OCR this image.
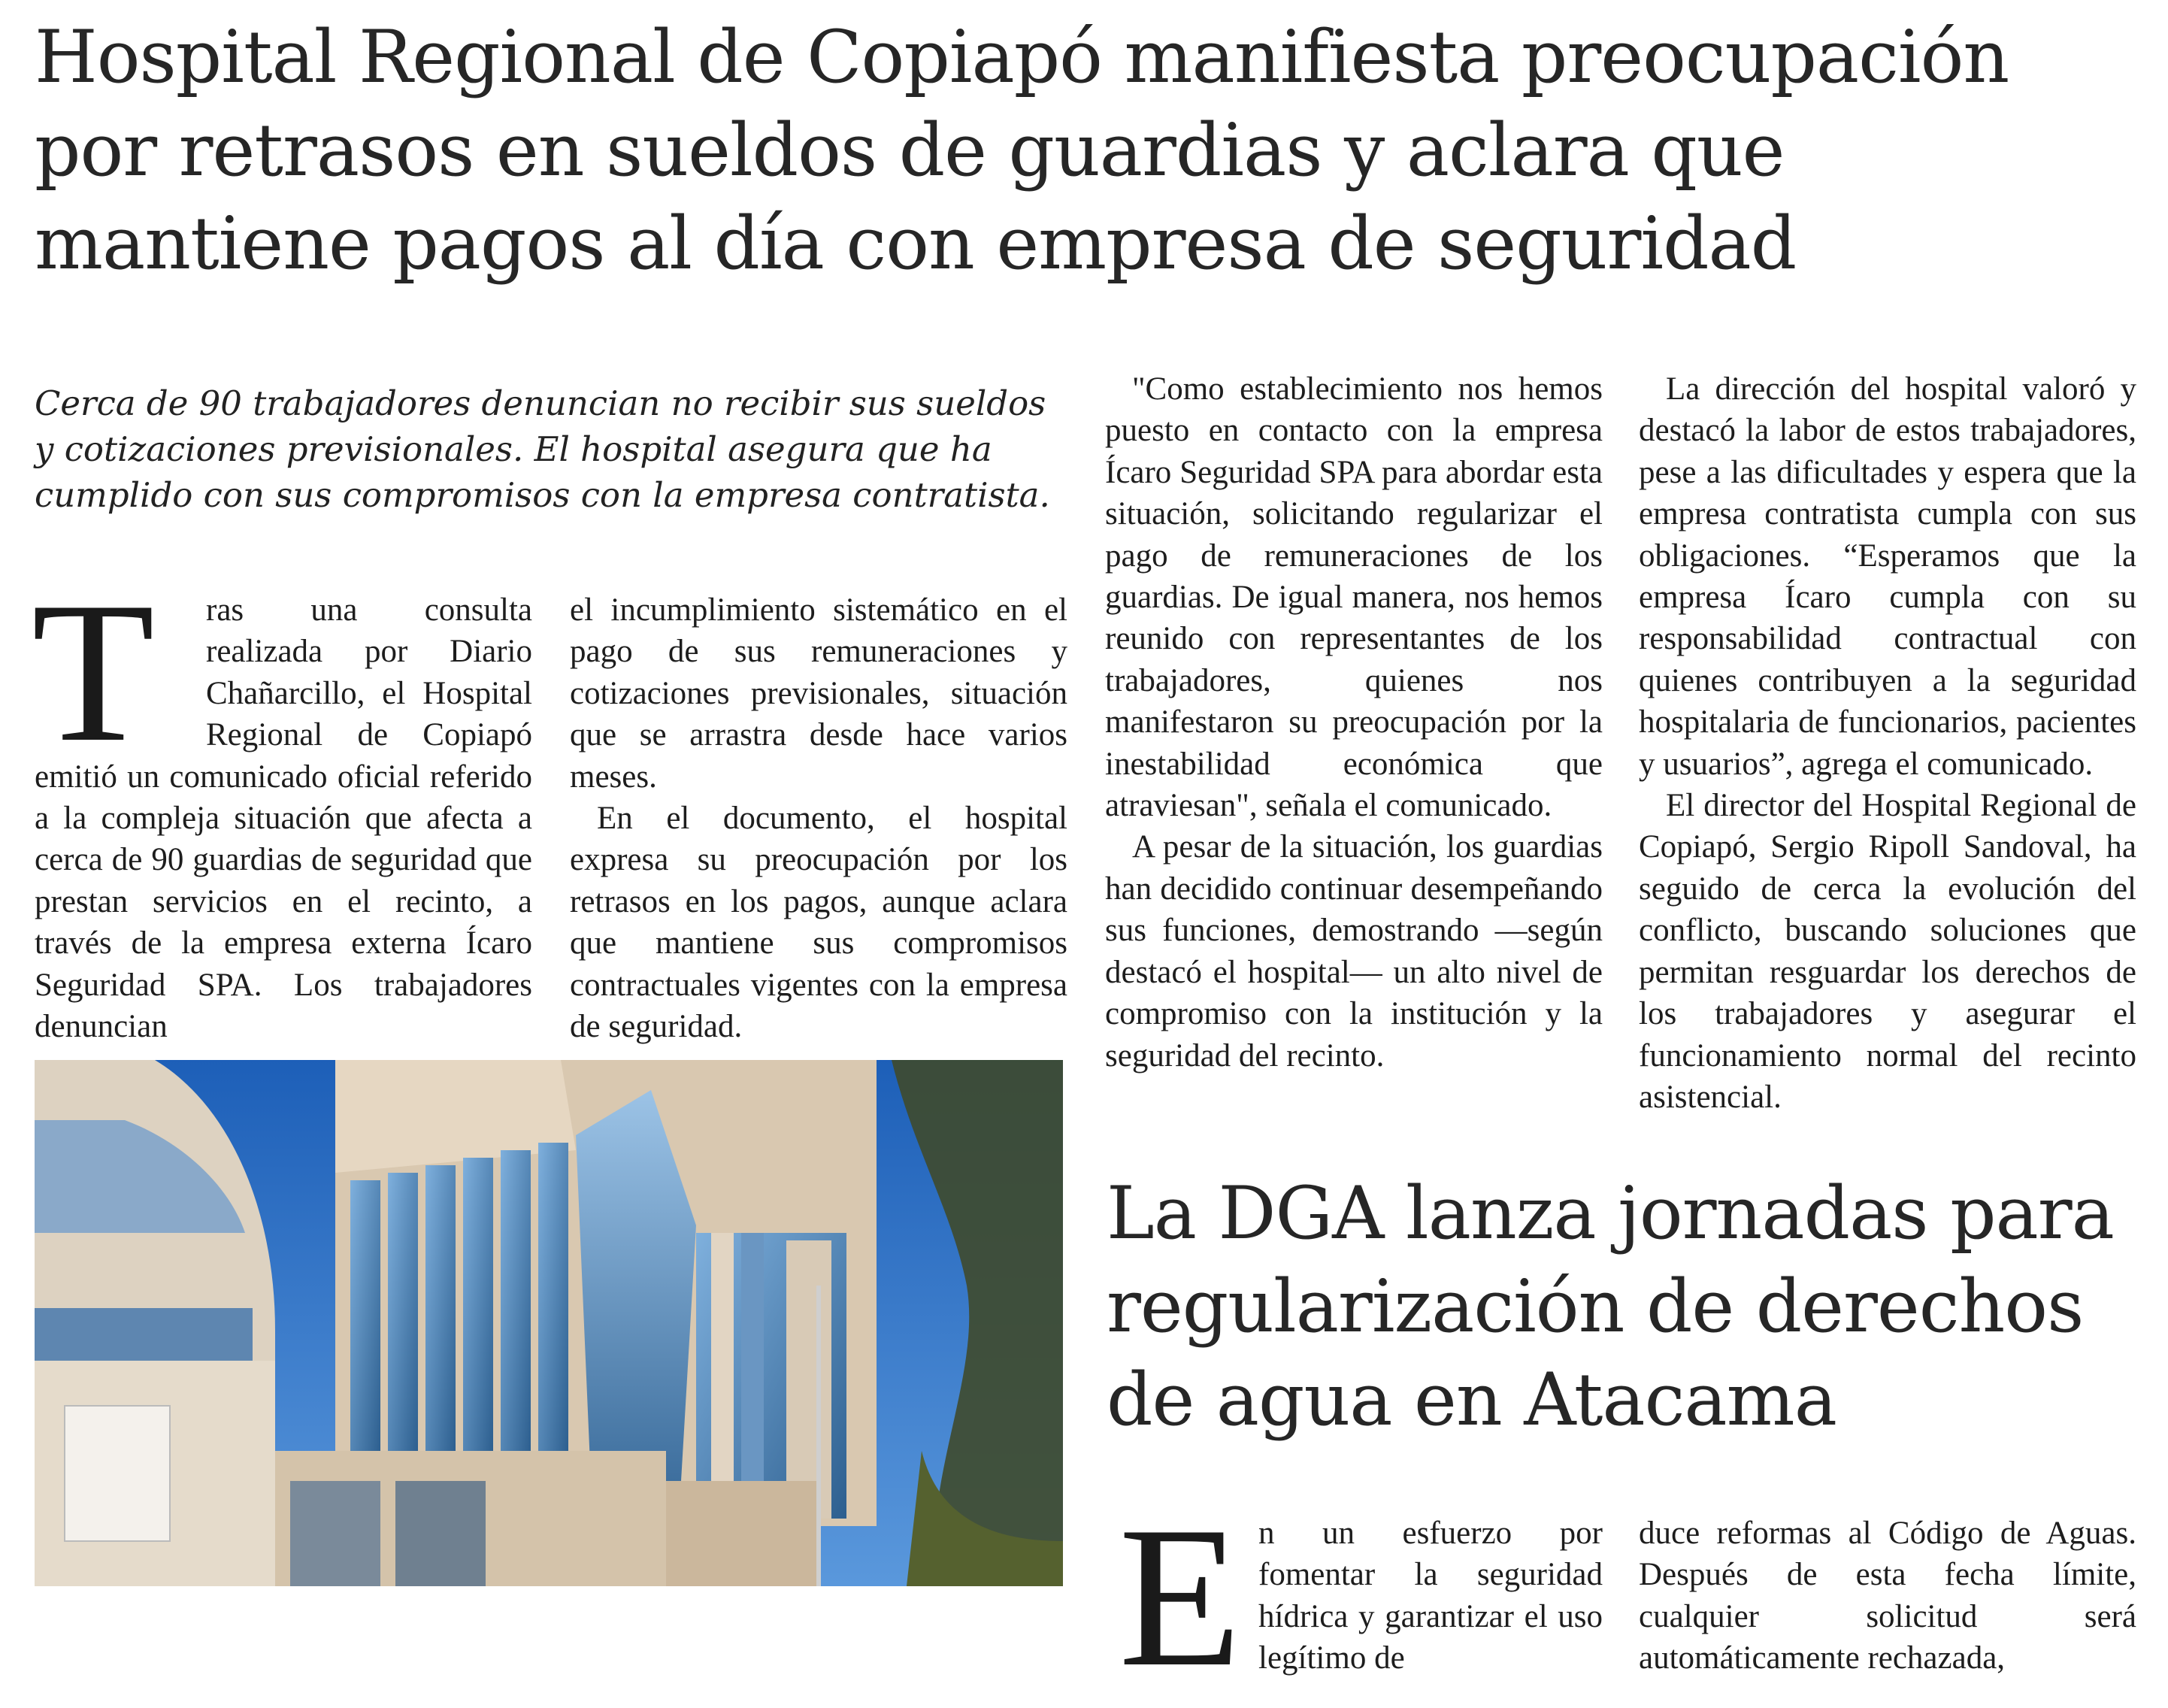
Hospital Regional de Copiapó manifiesta preocupación por retrasos en sueldos de guardias y aclara que mantiene pagos al día con empresa de seguridad
Cerca de 90 trabajadores denuncian no recibir sus sueldos y cotizaciones previsionales. El hospital asegura que ha cumplido con sus compromisos con la empresa contratista.
T	ras una consulta realizada por Diario Chañarcillo, el Hospital Regional de Copiapó emitió un comunicado oficial referido a la compleja situación que afecta a cerca de 90 guardias de seguridad que prestan servicios en el recinto, a través de la empresa externa Ícaro Seguridad SPA. Los trabajadores denuncian

el incumplimiento sistemático en el pago de sus remuneraciones y cotizaciones previsionales, situación que se arrastra desde hace varios meses.

En el documento, el hospital expresa su preocupación por los retrasos en los pagos, aunque aclara que mantiene sus compromisos contractuales vigentes con la empresa de seguridad.

"Como establecimiento nos hemos puesto en contacto con la empresa Ícaro Seguridad SPA para abordar esta situación, solicitando regularizar el pago de remuneraciones de los guardias. De igual manera, nos hemos reunido con representantes de los trabajadores, quienes nos manifestaron su preocupación por la inestabilidad económica que atraviesan", señala el comunicado.

A pesar de la situación, los guardias han decidido continuar desempeñando sus funciones, demostrando —según destacó el hospital— un alto nivel de compromiso con la institución y la seguridad del recinto.

La dirección del hospital valoró y destacó la labor de estos trabajadores, pese a las dificultades y espera que la empresa contratista cumpla con sus obligaciones. “Esperamos que la empresa Ícaro cumpla con su responsabilidad contractual con quienes contribuyen a la seguridad hospitalaria de funcionarios, pacientes y usuarios”, agrega el comunicado.

El director del Hospital Regional de Copiapó, Sergio Ripoll Sandoval, ha seguido de cerca la evolución del conflicto, buscando soluciones que permitan resguardar los derechos de los trabajadores y asegurar el funcionamiento normal del recinto asistencial.

La DGA lanza jornadas para regularización de derechos de agua en Atacama
E n un esfuerzo por fomentar la seguridad hídrica y garantizar el uso legítimo de

duce reformas al Código de Aguas. Después de esta fecha límite, cualquier solicitud será automáticamente rechazada,
